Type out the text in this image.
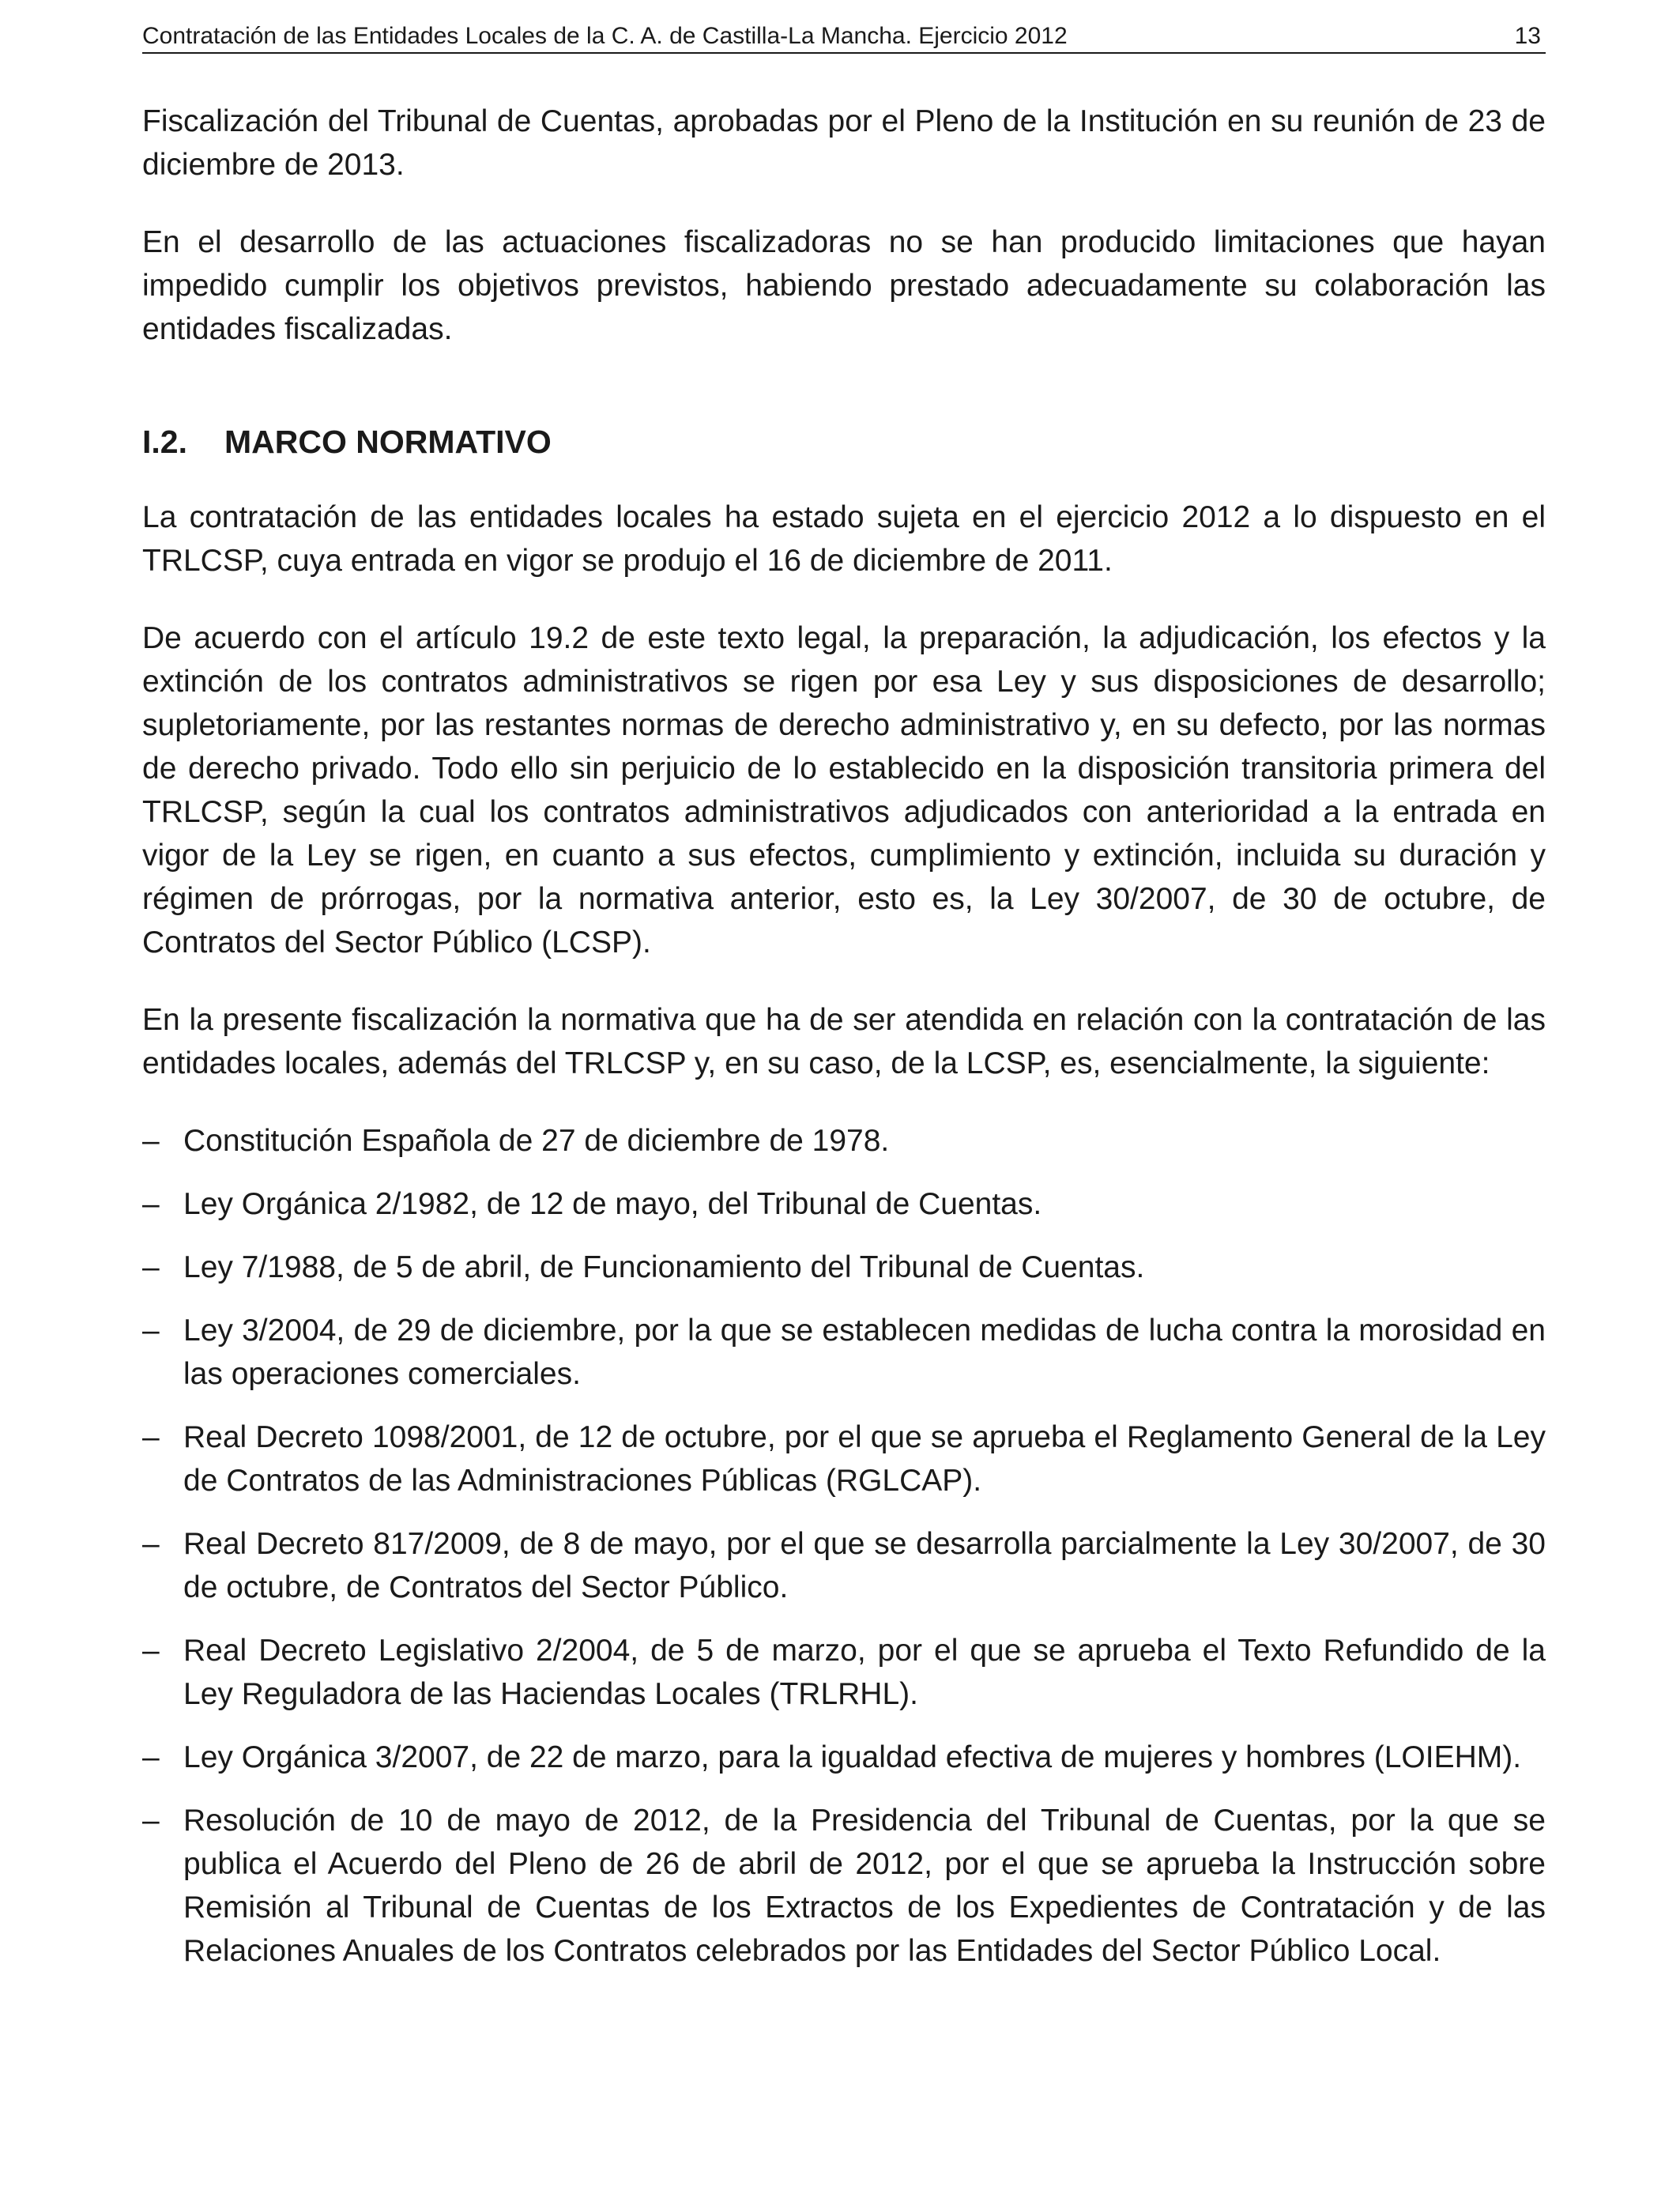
Contratación de las Entidades Locales de la C. A. de Castilla-La Mancha. Ejercicio 2012	13

Fiscalización del Tribunal de Cuentas, aprobadas por el Pleno de la Institución en su reunión de 23 de diciembre de 2013.

En el desarrollo de las actuaciones fiscalizadoras no se han producido limitaciones que hayan impedido cumplir los objetivos previstos, habiendo prestado adecuadamente su colaboración las entidades fiscalizadas.

I.2. MARCO NORMATIVO

La contratación de las entidades locales ha estado sujeta en el ejercicio 2012 a lo dispuesto en el TRLCSP, cuya entrada en vigor se produjo el 16 de diciembre de 2011.

De acuerdo con el artículo 19.2 de este texto legal, la preparación, la adjudicación, los efectos y la extinción de los contratos administrativos se rigen por esa Ley y sus disposiciones de desarrollo; supletoriamente, por las restantes normas de derecho administrativo y, en su defecto, por las normas de derecho privado. Todo ello sin perjuicio de lo establecido en la disposición transitoria primera del TRLCSP, según la cual los contratos administrativos adjudicados con anterioridad a la entrada en vigor de la Ley se rigen, en cuanto a sus efectos, cumplimiento y extinción, incluida su duración y régimen de prórrogas, por la normativa anterior, esto es, la Ley 30/2007, de 30 de octubre, de Contratos del Sector Público (LCSP).

En la presente fiscalización la normativa que ha de ser atendida en relación con la contratación de las entidades locales, además del TRLCSP y, en su caso, de la LCSP, es, esencialmente, la siguiente:

– Constitución Española de 27 de diciembre de 1978.
– Ley Orgánica 2/1982, de 12 de mayo, del Tribunal de Cuentas.
– Ley 7/1988, de 5 de abril, de Funcionamiento del Tribunal de Cuentas.
– Ley 3/2004, de 29 de diciembre, por la que se establecen medidas de lucha contra la morosidad en las operaciones comerciales.
– Real Decreto 1098/2001, de 12 de octubre, por el que se aprueba el Reglamento General de la Ley de Contratos de las Administraciones Públicas (RGLCAP).
– Real Decreto 817/2009, de 8 de mayo, por el que se desarrolla parcialmente la Ley 30/2007, de 30 de octubre, de Contratos del Sector Público.
– Real Decreto Legislativo 2/2004, de 5 de marzo, por el que se aprueba el Texto Refundido de la Ley Reguladora de las Haciendas Locales (TRLRHL).
– Ley Orgánica 3/2007, de 22 de marzo, para la igualdad efectiva de mujeres y hombres (LOIEHM).
– Resolución de 10 de mayo de 2012, de la Presidencia del Tribunal de Cuentas, por la que se publica el Acuerdo del Pleno de 26 de abril de 2012, por el que se aprueba la Instrucción sobre Remisión al Tribunal de Cuentas de los Extractos de los Expedientes de Contratación y de las Relaciones Anuales de los Contratos celebrados por las Entidades del Sector Público Local.
